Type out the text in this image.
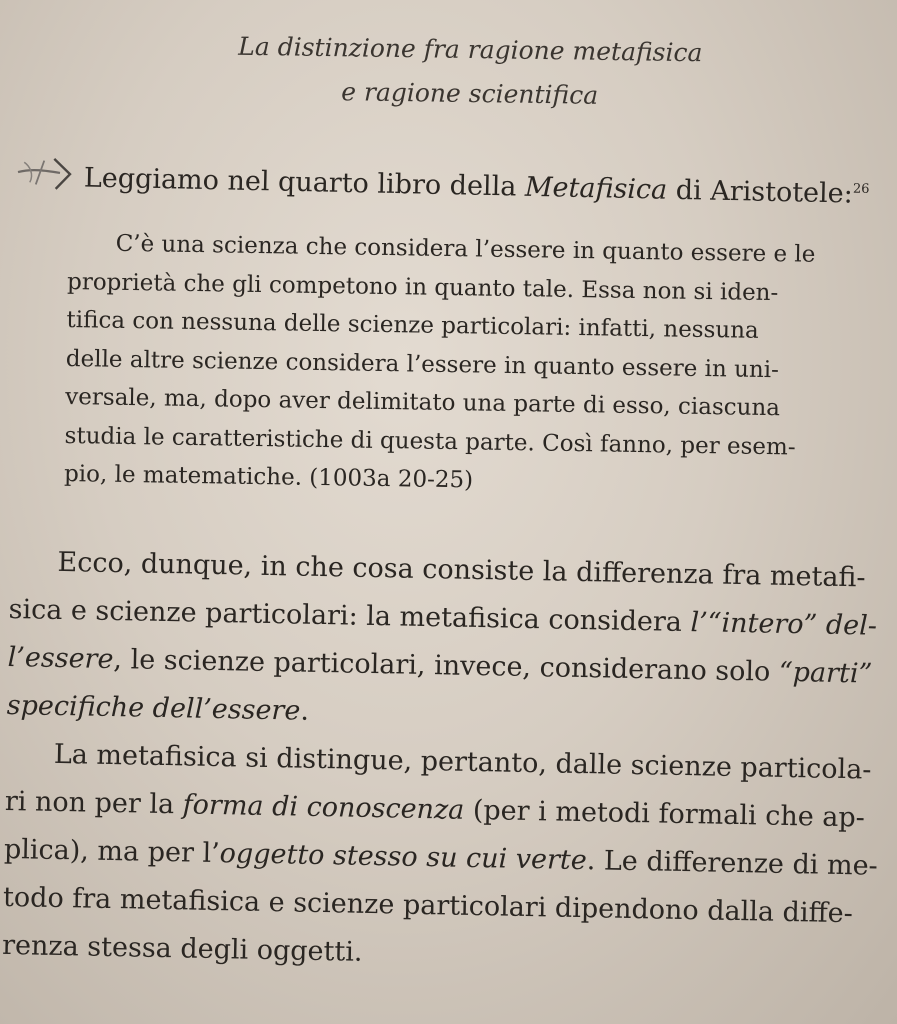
La distinzione fra ragione metafisica
e ragione scientifica
Leggiamo nel quarto libro della Metafisica di Aristotele:$^{26}$
C’è una scienza che considera l’essere in quanto essere e le
proprietà che gli competono in quanto tale. Essa non si iden-
tifica con nessuna delle scienze particolari: infatti, nessuna
delle altre scienze considera l’essere in quanto essere in uni-
versale, ma, dopo aver delimitato una parte di esso, ciascuna
studia le caratteristiche di questa parte. Così fanno, per esem-
pio, le matematiche. (1003a 20-25)
Ecco, dunque, in che cosa consiste la differenza fra metafi-
sica e scienze particolari: la metafisica considera l’“intero” del-
l’essere, le scienze particolari, invece, considerano solo “parti”
specifiche dell’essere.
La metafisica si distingue, pertanto, dalle scienze particola-
ri non per la forma di conoscenza (per i metodi formali che ap-
plica), ma per l’oggetto stesso su cui verte. Le differenze di me-
todo fra metafisica e scienze particolari dipendono dalla diffe-
renza stessa degli oggetti.
